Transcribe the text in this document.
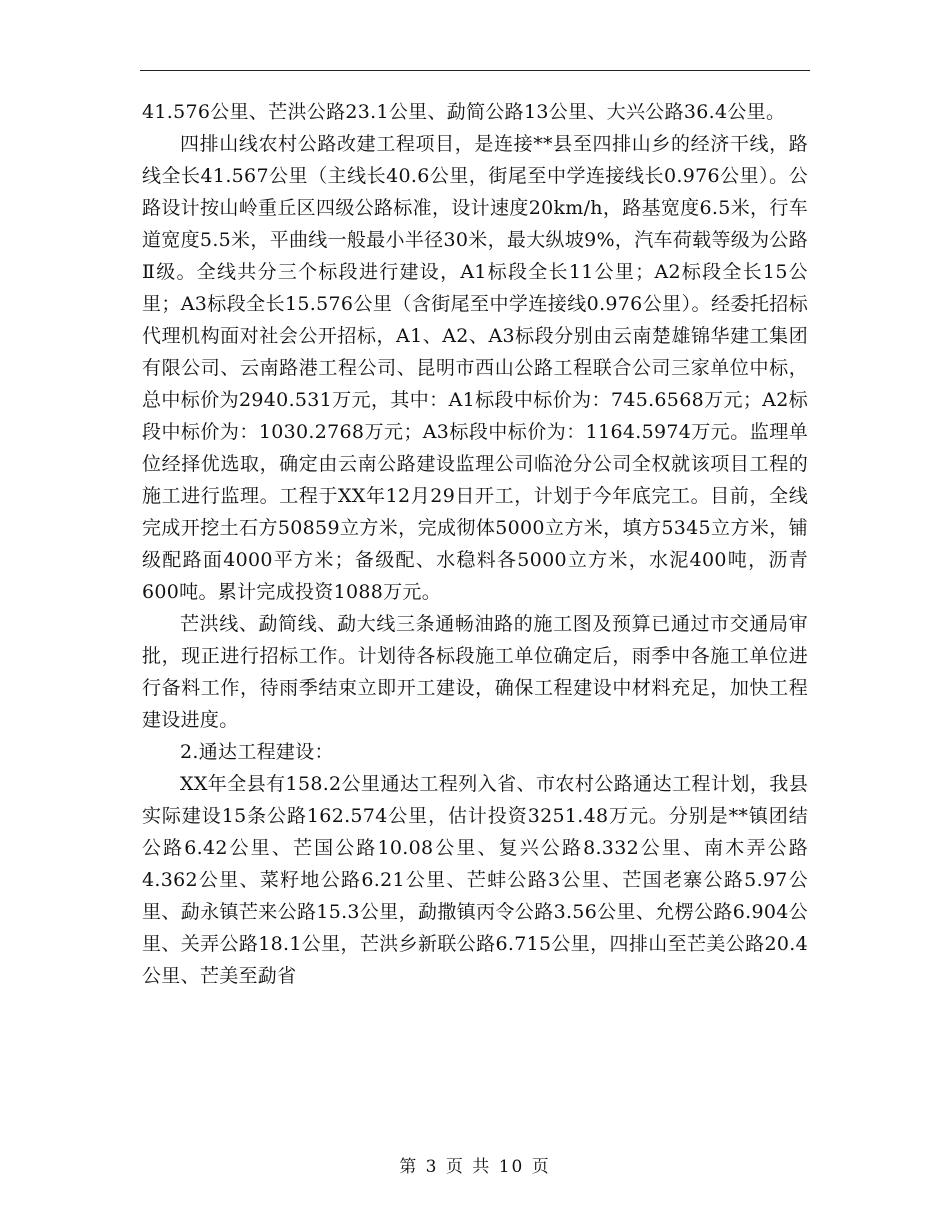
41.576公里、芒洪公路23.1公里、勐简公路13公里、大兴公路36.4公里。

四排山线农村公路改建工程项目，是连接**县至四排山乡的经济干线，路线全长41.567公里（主线长40.6公里，街尾至中学连接线长0.976公里）。公路设计按山岭重丘区四级公路标准，设计速度20km/h，路基宽度6.5米，行车道宽度5.5米，平曲线一般最小半径30米，最大纵坡9%，汽车荷载等级为公路Ⅱ级。全线共分三个标段进行建设，A1标段全长11公里；A2标段全长15公里；A3标段全长15.576公里（含街尾至中学连接线0.976公里）。经委托招标代理机构面对社会公开招标，A1、A2、A3标段分别由云南楚雄锦华建工集团有限公司、云南路港工程公司、昆明市西山公路工程联合公司三家单位中标，总中标价为2940.531万元，其中：A1标段中标价为：745.6568万元；A2标段中标价为：1030.2768万元；A3标段中标价为：1164.5974万元。监理单位经择优选取，确定由云南公路建设监理公司临沧分公司全权就该项目工程的施工进行监理。工程于XX年12月29日开工，计划于今年底完工。目前，全线完成开挖土石方50859立方米，完成彻体5000立方米，填方5345立方米，铺级配路面4000平方米；备级配、水稳料各5000立方米，水泥400吨，沥青600吨。累计完成投资1088万元。

芒洪线、勐简线、勐大线三条通畅油路的施工图及预算已通过市交通局审批，现正进行招标工作。计划待各标段施工单位确定后，雨季中各施工单位进行备料工作，待雨季结束立即开工建设，确保工程建设中材料充足，加快工程建设进度。

2.通达工程建设：

XX年全县有158.2公里通达工程列入省、市农村公路通达工程计划，我县实际建设15条公路162.574公里，估计投资3251.48万元。分别是**镇团结公路6.42公里、芒国公路10.08公里、复兴公路8.332公里、南木弄公路4.362公里、菜籽地公路6.21公里、芒蚌公路3公里、芒国老寨公路5.97公里、勐永镇芒来公路15.3公里，勐撒镇丙令公路3.56公里、允楞公路6.904公里、关弄公路18.1公里，芒洪乡新联公路6.715公里，四排山至芒美公路20.4公里、芒美至勐省

第 3 页 共 10 页
